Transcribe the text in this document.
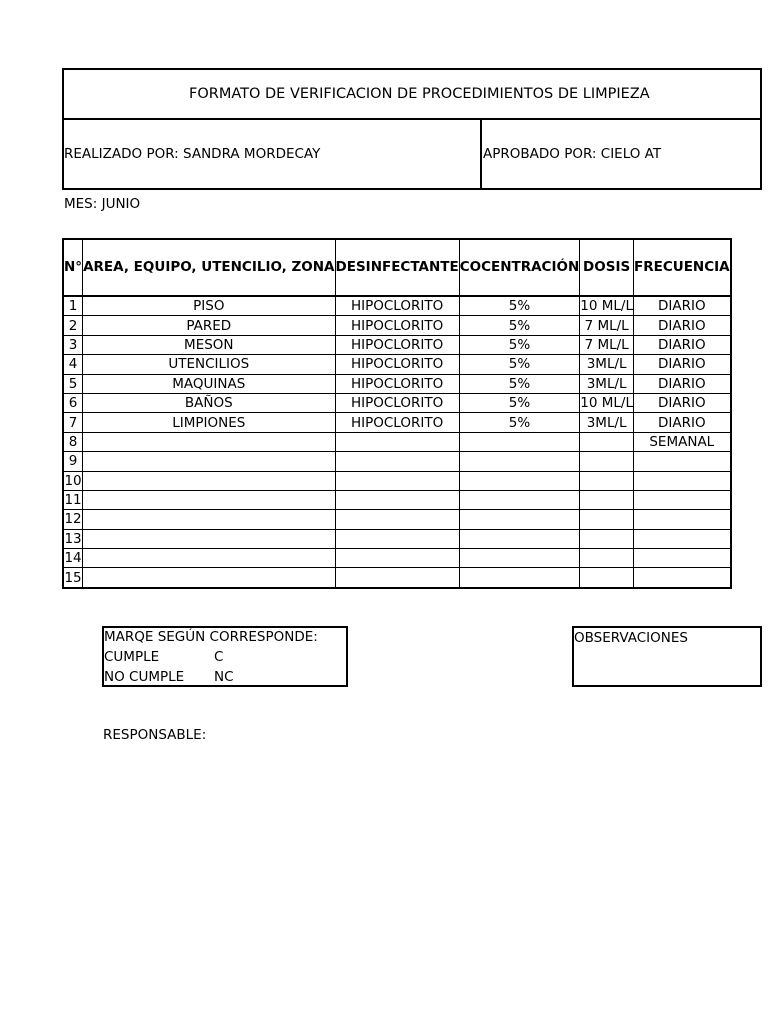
FORMATO DE VERIFICACION DE PROCEDIMIENTOS DE LIMPIEZA
REALIZADO POR: SANDRA MORDECAY	APROBADO POR: CIELO AT
MES: JUNIO
N°	AREA, EQUIPO, UTENCILIO, ZONA	DESINFECTANTE	COCENTRACIÓN	DOSIS	FRECUENCIA
1	PISO	HIPOCLORITO	5%	10 ML/L	DIARIO
2	PARED	HIPOCLORITO	5%	7 ML/L	DIARIO
3	MESON	HIPOCLORITO	5%	7 ML/L	DIARIO
4	UTENCILIOS	HIPOCLORITO	5%	3ML/L	DIARIO
5	MAQUINAS	HIPOCLORITO	5%	3ML/L	DIARIO
6	BAÑOS	HIPOCLORITO	5%	10 ML/L	DIARIO
7	LIMPIONES	HIPOCLORITO	5%	3ML/L	DIARIO
8					SEMANAL
9					
10					
11					
12					
13					
14					
15					
MARQE SEGÚN CORRESPONDE:
CUMPLE	C
NO CUMPLE NC
OBSERVACIONES
RESPONSABLE:
